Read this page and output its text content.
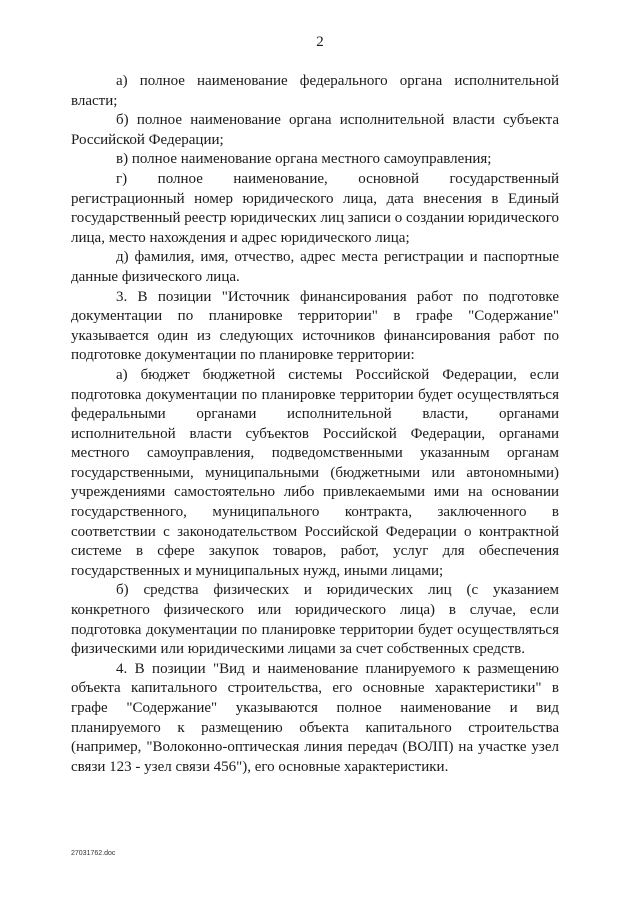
2

а) полное наименование федерального органа исполнительной власти;

б) полное наименование органа исполнительной власти субъекта Российской Федерации;

в) полное наименование органа местного самоуправления;

г) полное наименование, основной государственный регистрационный номер юридического лица, дата внесения в Единый государственный реестр юридических лиц записи о создании юридического лица, место нахождения и адрес юридического лица;

д) фамилия, имя, отчество, адрес места регистрации и паспортные данные физического лица.

3. В позиции "Источник финансирования работ по подготовке документации по планировке территории" в графе "Содержание" указывается один из следующих источников финансирования работ по подготовке документации по планировке территории:

а) бюджет бюджетной системы Российской Федерации, если подготовка документации по планировке территории будет осуществляться федеральными органами исполнительной власти, органами исполнительной власти субъектов Российской Федерации, органами местного самоуправления, подведомственными указанным органам государственными, муниципальными (бюджетными или автономными) учреждениями самостоятельно либо привлекаемыми ими на основании государственного, муниципального контракта, заключенного в соответствии с законодательством Российской Федерации о контрактной системе в сфере закупок товаров, работ, услуг для обеспечения государственных и муниципальных нужд, иными лицами;

б) средства физических и юридических лиц (с указанием конкретного физического или юридического лица) в случае, если подготовка документации по планировке территории будет осуществляться физическими или юридическими лицами за счет собственных средств.

4. В позиции "Вид и наименование планируемого к размещению объекта капитального строительства, его основные характеристики" в графе "Содержание" указываются полное наименование и вид планируемого к размещению объекта капитального строительства (например, "Волоконно-оптическая линия передач (ВОЛП) на участке узел связи 123 - узел связи 456"), его основные характеристики.

27031762.doc
